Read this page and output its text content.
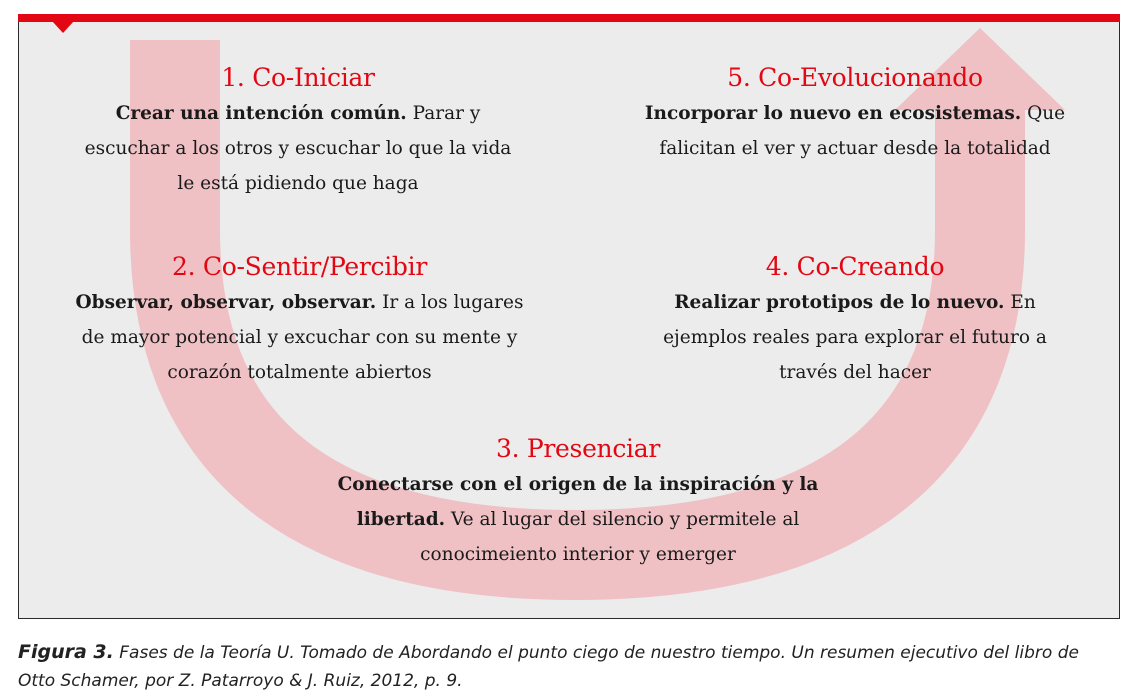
1. Co-Iniciar

Crear una intención común. Parar y escuchar a los otros y escuchar lo que la vida le está pidiendo que haga

2. Co-Sentir/Percibir

Observar, observar, observar. Ir a los lugares de mayor potencial y excuchar con su mente y corazón totalmente abiertos

3. Presenciar

Conectarse con el origen de la inspiración y la libertad. Ve al lugar del silencio y permitele al conocimeiento interior y emerger

4. Co-Creando

Realizar prototipos de lo nuevo. En ejemplos reales para explorar el futuro a través del hacer

5. Co-Evolucionando

Incorporar lo nuevo en ecosistemas. Que falicitan el ver y actuar desde la totalidad

Figura 3. Fases de la Teoría U. Tomado de Abordando el punto ciego de nuestro tiempo. Un resumen ejecutivo del libro de Otto Schamer, por Z. Patarroyo & J. Ruiz, 2012, p. 9.
